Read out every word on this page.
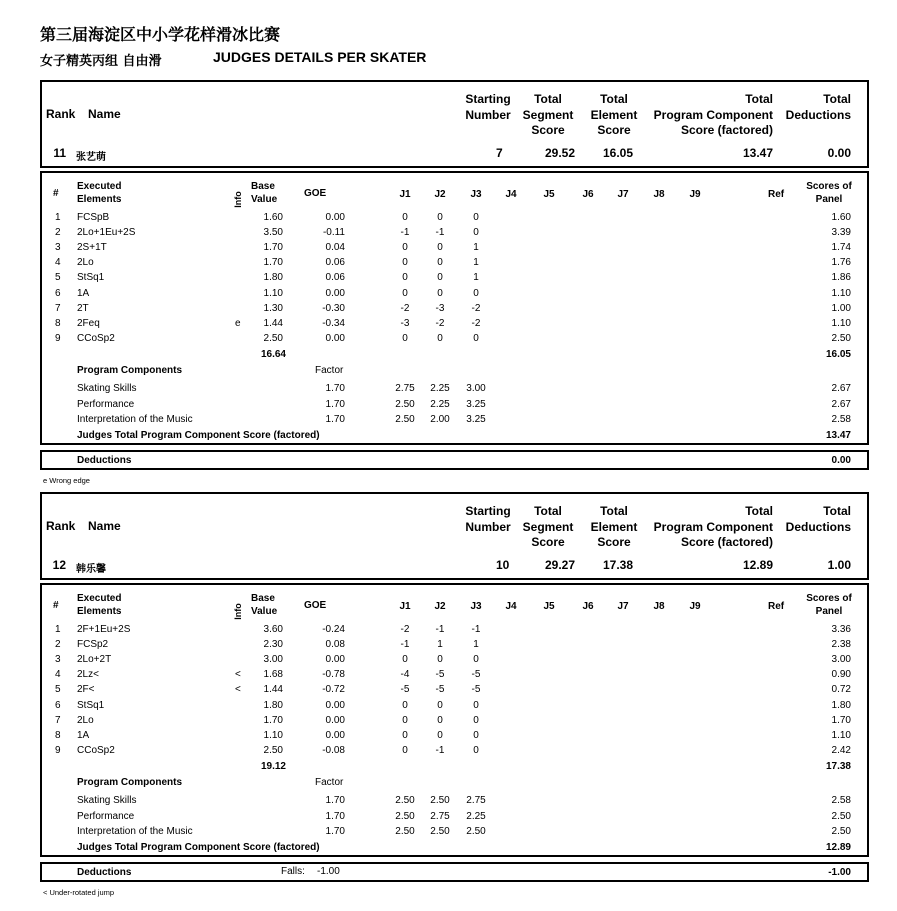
第三届海淀区中小学花样滑冰比赛
女子精英丙组 自由滑	JUDGES DETAILS PER SKATER
Rank Name
Starting
Number
Total
Segment
Score
Total
Element
Score
Total
Program Component
Score (factored)
Total
Deductions
11 张艺萌	7	29.52 16.05	13.47	0.00
#
Executed
Elements	Info
Base
Value
GOE	J1	J2	J3	J4	J5	J6	J7	J8	J9	Ref
Scores of
Panel
1 FCSpB	1.60	0.00	0	0	0	1.60
2 2Lo+1Eu+2S	3.50	-0.11	-1	-1	0	3.39
3 2S+1T	1.70	0.04	0	0	1	1.74
4 2Lo	1.70	0.06	0	0	1	1.76
5 StSq1	1.80	0.06	0	0	1	1.86
6 1A	1.10	0.00	0	0	0	1.10
7 2T	1.30	-0.30	-2	-3	-2	1.00
8 2Feq	e 1.44	-0.34	-3	-2	-2	1.10
9 CCoSp2	2.50	0.00	0	0	0	2.50
16.64	16.05
Program Components	Factor
Skating Skills	1.70	2.75	2.25	3.00	2.67
Performance	1.70	2.50	2.25	3.25	2.67
Interpretation of the Music	1.70	2.50	2.00	3.25	2.58
Judges Total Program Component Score (factored)	13.47
Deductions	0.00
e Wrong edge
Rank Name
Starting
Number
Total
Segment
Score
Total
Element
Score
Total
Program Component
Score (factored)
Total
Deductions
12 韩乐馨	10	29.27 17.38	12.89	1.00
#
Executed
Elements	Info
Base
Value
GOE	J1	J2	J3	J4	J5	J6	J7	J8	J9	Ref
Scores of
Panel
1 2F+1Eu+2S	3.60	-0.24	-2	-1	-1	3.36
2 FCSp2	2.30	0.08	-1	1	1	2.38
3 2Lo+2T	3.00	0.00	0	0	0	3.00
4 2Lz<	< 1.68	-0.78	-4	-5	-5	0.90
5 2F<	< 1.44	-0.72	-5	-5	-5	0.72
6 StSq1	1.80	0.00	0	0	0	1.80
7 2Lo	1.70	0.00	0	0	0	1.70
8 1A	1.10	0.00	0	0	0	1.10
9 CCoSp2	2.50	-0.08	0	-1	0	2.42
19.12	17.38
Program Components	Factor
Skating Skills	1.70	2.50	2.50	2.75	2.58
Performance	1.70	2.50	2.75	2.25	2.50
Interpretation of the Music	1.70	2.50	2.50	2.50	2.50
Judges Total Program Component Score (factored)	12.89
Deductions	Falls: -1.00	-1.00
< Under-rotated jump
